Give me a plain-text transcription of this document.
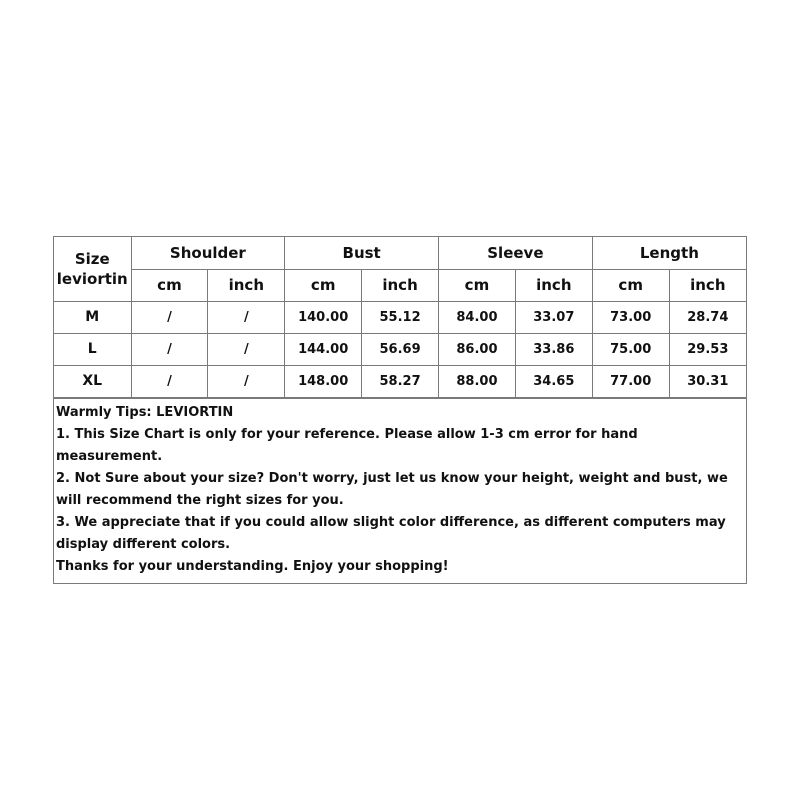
Size
leviortin	Shoulder		Bust		Sleeve		Length	
	cm	inch	cm	inch	cm	inch	cm	inch
M	/	/	140.00	55.12	84.00	33.07	73.00	28.74
L	/	/	144.00	56.69	86.00	33.86	75.00	29.53
XL	/	/	148.00	58.27	88.00	34.65	77.00	30.31

Warmly Tips: LEVIORTIN

1. This Size Chart is only for your reference. Please allow 1-3 cm error for hand measurement.

2. Not Sure about your size? Don't worry, just let us know your height, weight and bust, we will recommend the right sizes for you.

3. We appreciate that if you could allow slight color difference, as different computers may display different colors.

Thanks for your understanding. Enjoy your shopping!
